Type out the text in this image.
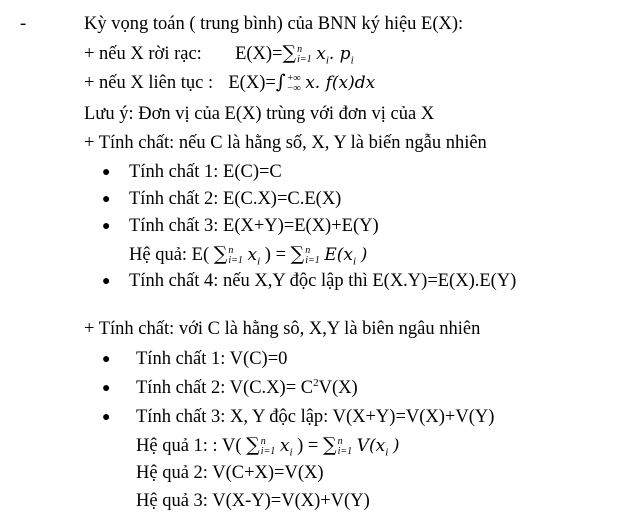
-	Kỳ vọng toán ( trung bình) của BNN ký hiệu E(X):
+ nếu X rời rạc: E(X)=∑ n
i=1 $x_i$. $p_i$
+ nếu X liên tục : E(X)=∫ +∞
−∞ x. f(x)dx
Lưu ý: Đơn vị của E(X) trùng với đơn vị của X
+ Tính chất: nếu C là hằng số, X, Y là biến ngẫu nhiên
● Tính chất 1: E(C)=C
● Tính chất 2: E(C.X)=C.E(X)
● Tính chất 3: E(X+Y)=E(X)+E(Y)
Hệ quả: E( ∑ n
i=1 $x_i$ ) = ∑ n
i=1 $E(x_i$ )
● Tính chất 4: nếu X,Y độc lập thì E(X.Y)=E(X).E(Y)
+ Tính chất: với C là hằng sô, X,Y là biên ngâu nhiên
● Tính chất 1: V(C)=0
● Tính chất 2: $V(C.X)= C^2V(X)$
● Tính chất 3: X, Y độc lập: V(X+Y)=V(X)+V(Y)
Hệ quả 1: : V( ∑ n
i=1 $x_i$ ) = ∑ n
i=1 $V(x_i$ )
Hệ quả 2: V(C+X)=V(X)
Hệ quả 3: V(X-Y)=V(X)+V(Y)
